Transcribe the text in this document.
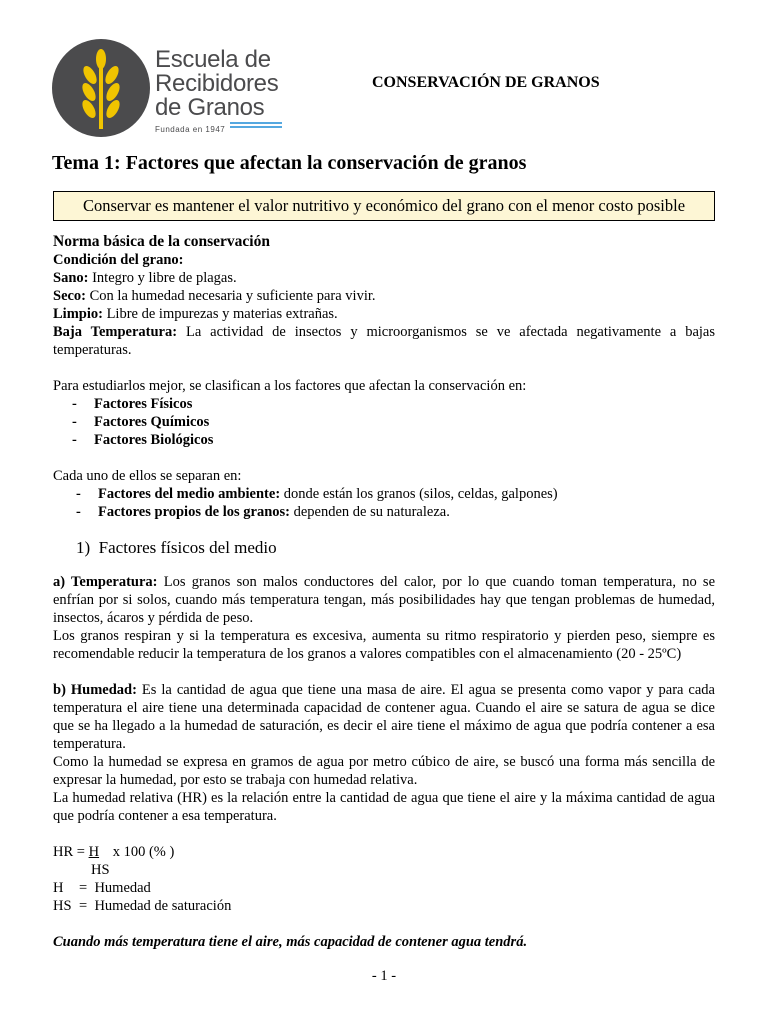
Escuela de
Recibidores
de Granos
Fundada en 1947
CONSERVACIÓN DE GRANOS
Tema 1: Factores que afectan la conservación de granos
Conservar es mantener el valor nutritivo y económico del grano con el menor costo posible

Norma básica de la conservación

Condición del grano:

Sano: Integro y libre de plagas.

Seco: Con la humedad necesaria y suficiente para vivir.

Limpio: Libre de impurezas y materias extrañas.

Baja Temperatura: La actividad de insectos y microorganismos se ve afectada negativamente a bajas temperaturas.

Para estudiarlos mejor, se clasifican a los factores que afectan la conservación en:

- Factores Físicos
- Factores Químicos
- Factores Biológicos

Cada uno de ellos se separan en:

- Factores del medio ambiente: donde están los granos (silos, celdas, galpones)
- Factores propios de los granos: dependen de su naturaleza.

1) Factores físicos del medio

a) Temperatura: Los granos son malos conductores del calor, por lo que cuando toman temperatura, no se enfrían por si solos, cuando más temperatura tengan, más posibilidades hay que tengan problemas de humedad, insectos, ácaros y pérdida de peso.

Los granos respiran y si la temperatura es excesiva, aumenta su ritmo respiratorio y pierden peso, siempre es recomendable reducir la temperatura de los granos a valores compatibles con el almacenamiento (20 - 25ºC)

b) Humedad: Es la cantidad de agua que tiene una masa de aire. El agua se presenta como vapor y para cada temperatura el aire tiene una determinada capacidad de contener agua. Cuando el aire se satura de agua se dice que se ha llegado a la humedad de saturación, es decir el aire tiene el máximo de agua que podría contener a esa temperatura.

Como la humedad se expresa en gramos de agua por metro cúbico de aire, se buscó una forma más sencilla de expresar la humedad, por esto se trabaja con humedad relativa.

La humedad relativa (HR) es la relación entre la cantidad de agua que tiene el aire y la máxima cantidad de agua que podría contener a esa temperatura.

HR = H x 100 (% )

HS

H = Humedad

HS = Humedad de saturación

Cuando más temperatura tiene el aire, más capacidad de contener agua tendrá.

- 1 -
